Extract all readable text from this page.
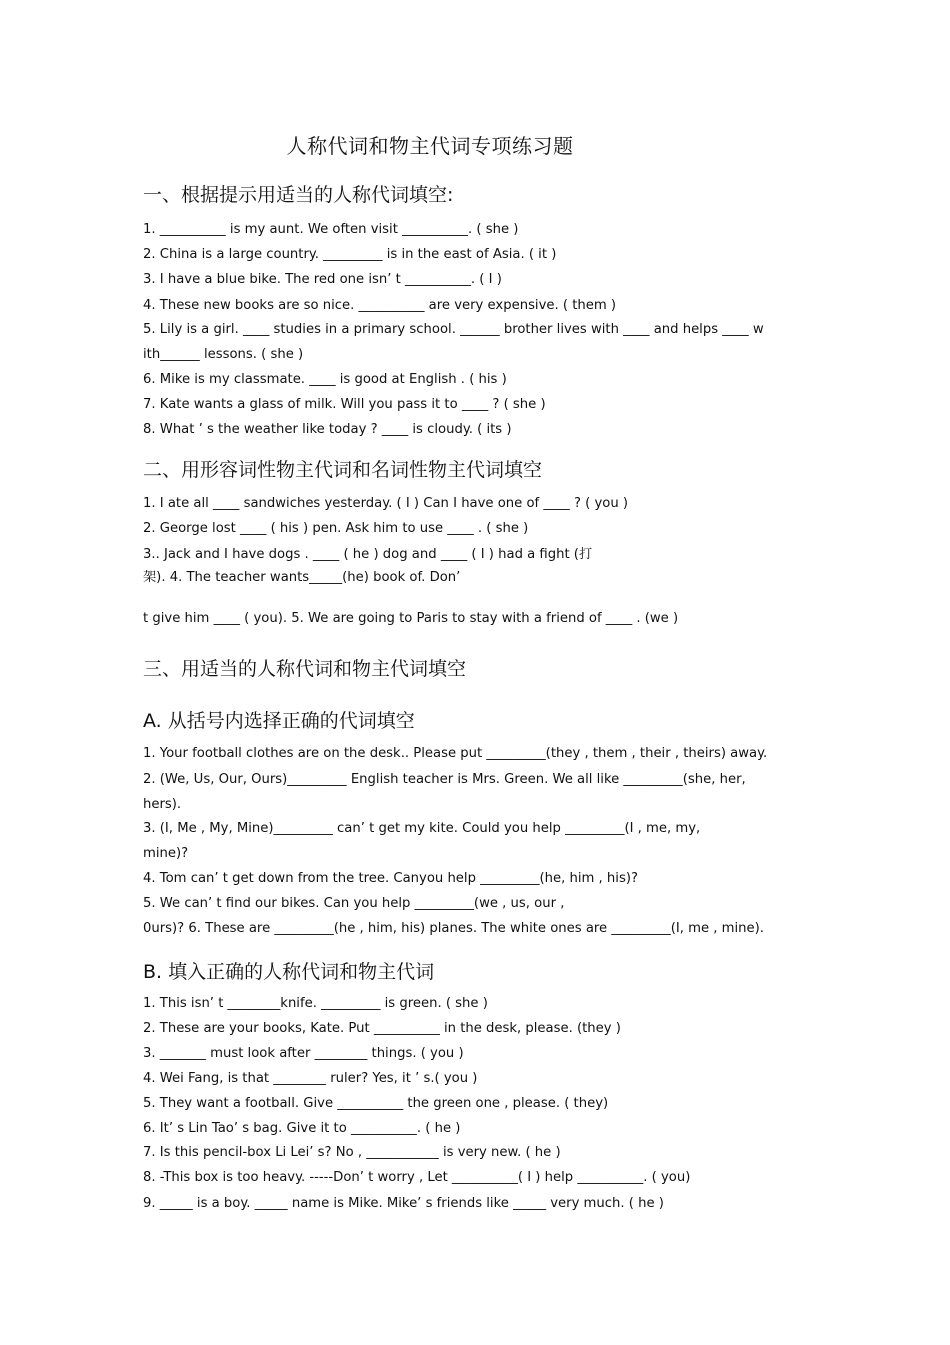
人称代词和物主代词专项练习题
一、根据提示用适当的人称代词填空:
1. __________ is my aunt. We often visit __________. ( she )
2. China is a large country. _________ is in the east of Asia. ( it )
3. I have a blue bike. The red one isn’ t __________. ( I )
4. These new books are so nice. __________ are very expensive. ( them )
5. Lily is a girl. ____ studies in a primary school. ______ brother lives with ____ and helps ____ w
ith______ lessons. ( she )
6. Mike is my classmate. ____ is good at English . ( his )
7. Kate wants a glass of milk. Will you pass it to ____ ? ( she )
8. What ’ s the weather like today ? ____ is cloudy. ( its )
二、用形容词性物主代词和名词性物主代词填空
1. I ate all ____ sandwiches yesterday. ( I ) Can I have one of ____ ? ( you )
2. George lost ____ ( his ) pen. Ask him to use ____ . ( she )
3.. Jack and I have dogs . ____ ( he ) dog and ____ ( I ) had a fight (打
架). 4. The teacher wants_____(he) book of. Don’
t give him ____ ( you). 5. We are going to Paris to stay with a friend of ____ . (we )
三、用适当的人称代词和物主代词填空
A. 从括号内选择正确的代词填空
1. Your football clothes are on the desk.. Please put _________(they , them , their , theirs) away.
2. (We, Us, Our, Ours)_________ English teacher is Mrs. Green. We all like _________(she, her,
hers).
3. (I, Me , My, Mine)_________ can’ t get my kite. Could you help _________(I , me, my,
mine)?
4. Tom can’ t get down from the tree. Canyou help _________(he, him , his)?
5. We can’ t find our bikes. Can you help _________(we , us, our ,
0urs)? 6. These are _________(he , him, his) planes. The white ones are _________(I, me , mine).
B. 填入正确的人称代词和物主代词
1. This isn’ t ________knife. _________ is green. ( she )
2. These are your books, Kate. Put __________ in the desk, please. (they )
3. _______ must look after ________ things. ( you )
4. Wei Fang, is that ________ ruler? Yes, it ’ s.( you )
5. They want a football. Give __________ the green one , please. ( they)
6. It’ s Lin Tao’ s bag. Give it to __________. ( he )
7. Is this pencil-box Li Lei’ s? No , ___________ is very new. ( he )
8. -This box is too heavy. -----Don’ t worry , Let __________( I ) help __________. ( you)
9. _____ is a boy. _____ name is Mike. Mike’ s friends like _____ very much. ( he )
